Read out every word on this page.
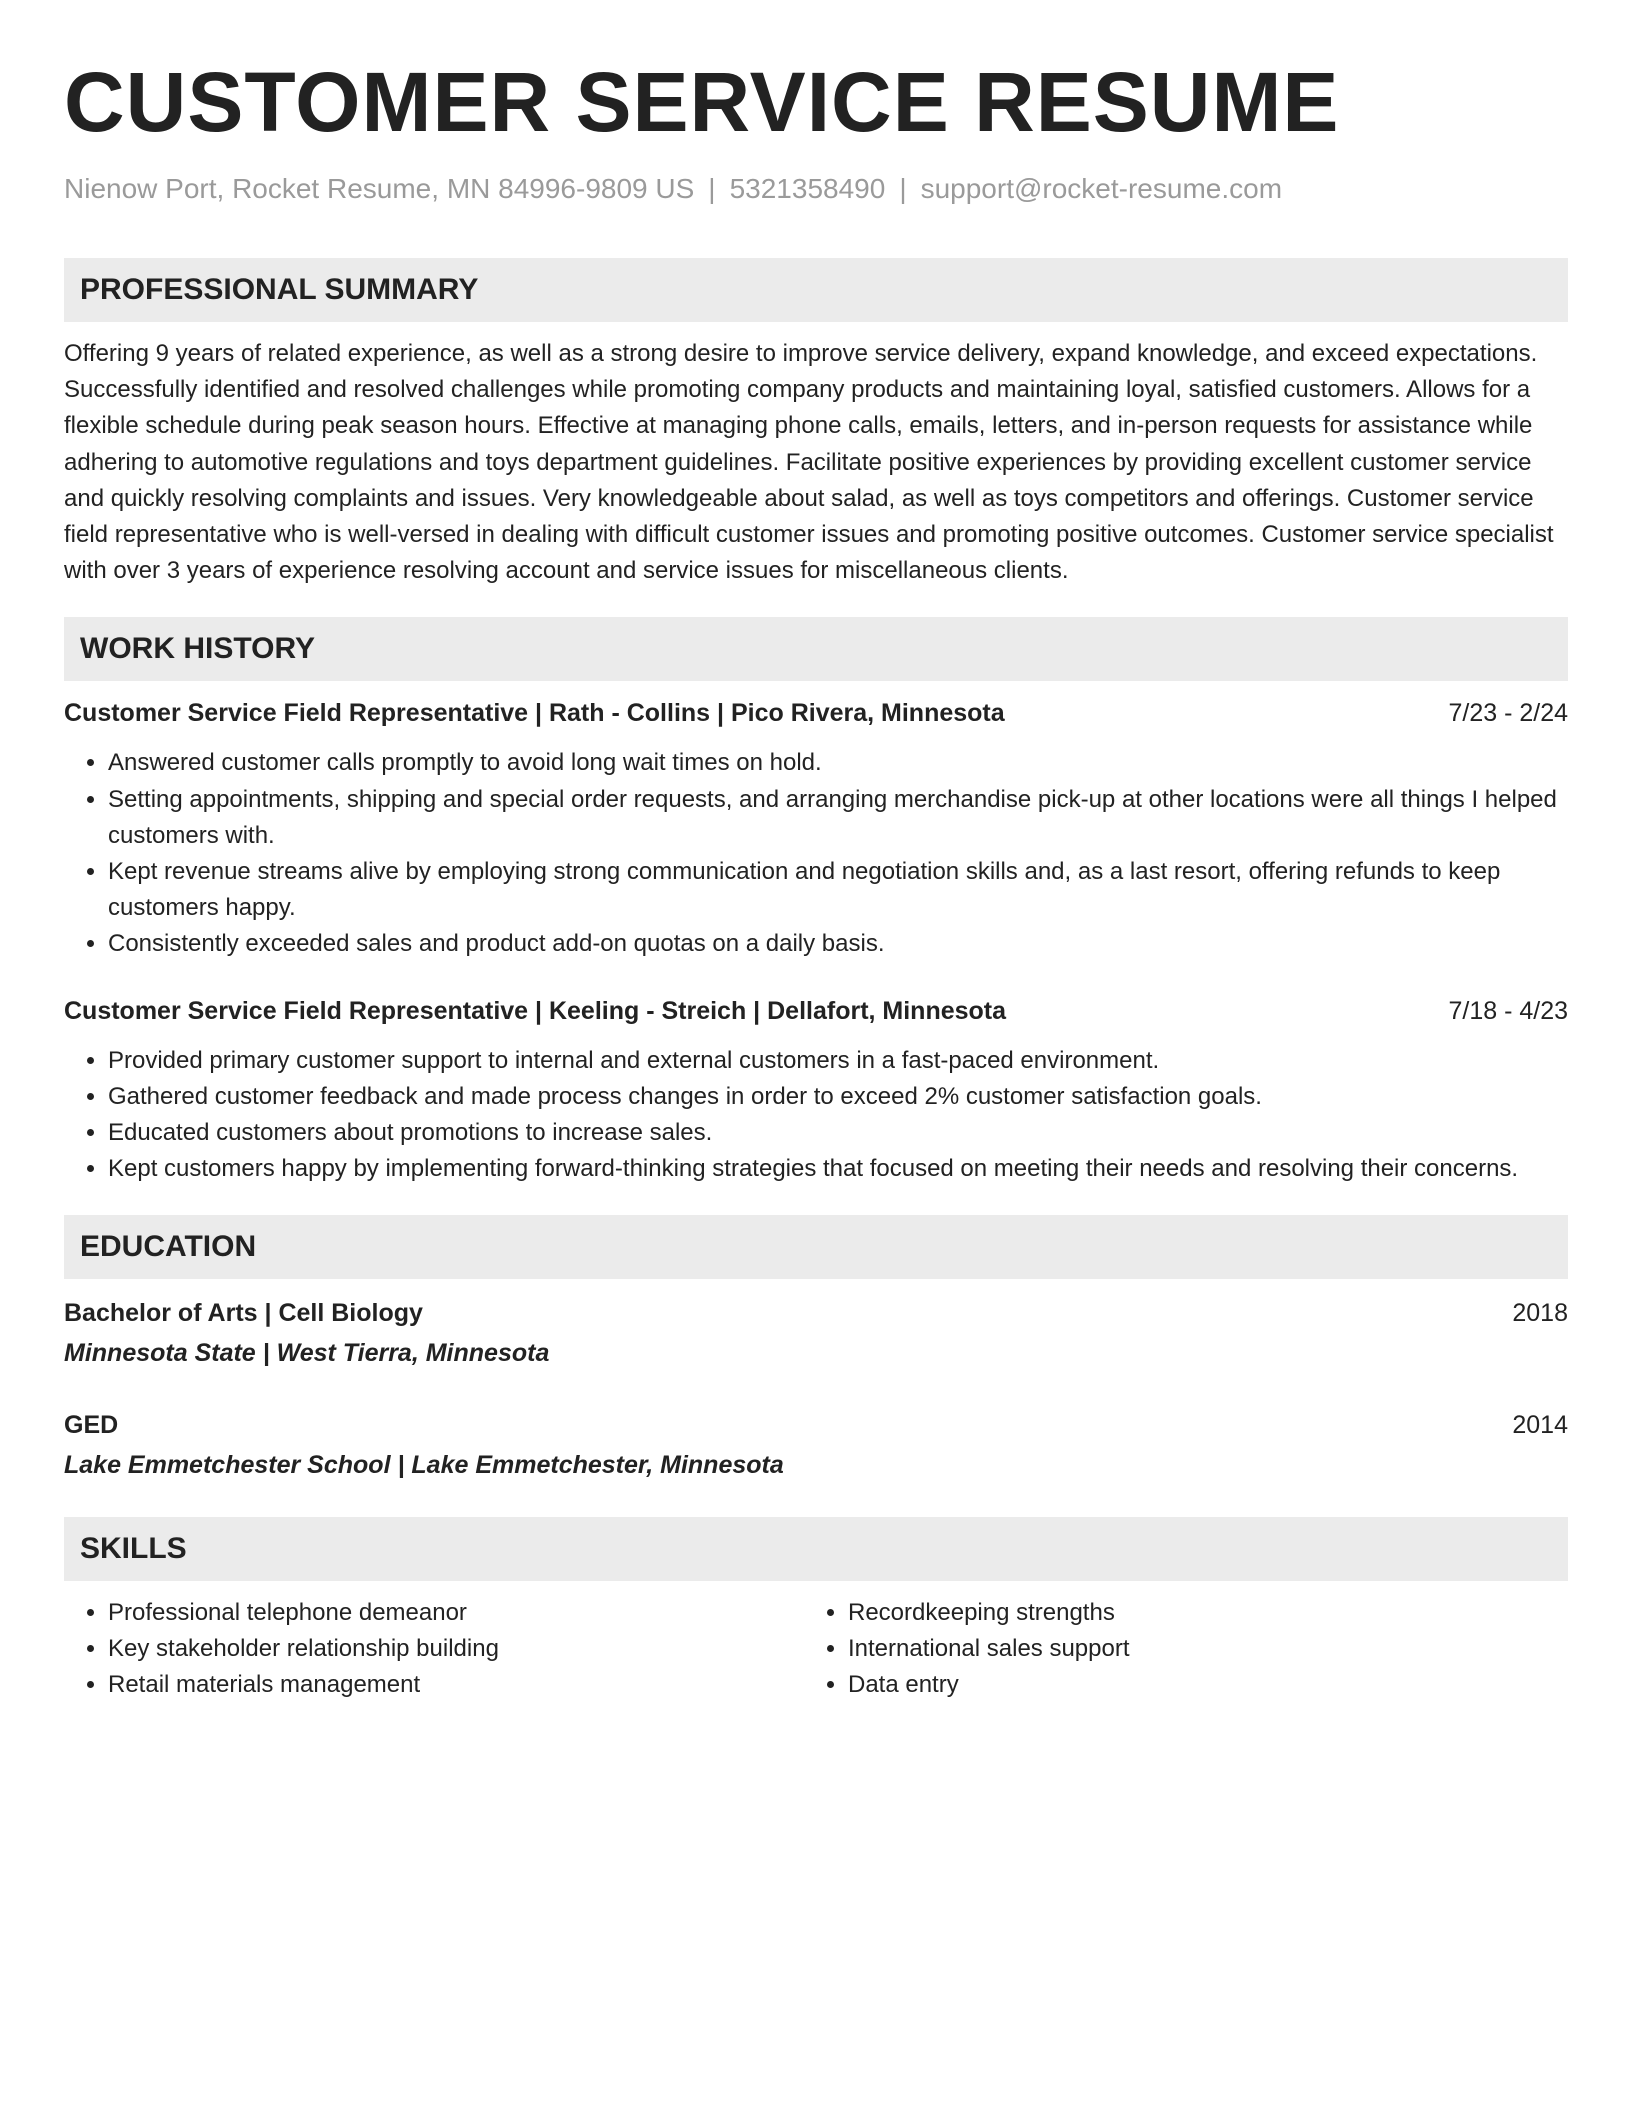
CUSTOMER SERVICE RESUME
Nienow Port, Rocket Resume, MN 84996-9809 US | 5321358490 | support@rocket-resume.com
PROFESSIONAL SUMMARY
Offering 9 years of related experience, as well as a strong desire to improve service delivery, expand knowledge, and exceed expectations. Successfully identified and resolved challenges while promoting company products and maintaining loyal, satisfied customers. Allows for a flexible schedule during peak season hours. Effective at managing phone calls, emails, letters, and in-person requests for assistance while adhering to automotive regulations and toys department guidelines. Facilitate positive experiences by providing excellent customer service and quickly resolving complaints and issues. Very knowledgeable about salad, as well as toys competitors and offerings. Customer service field representative who is well-versed in dealing with difficult customer issues and promoting positive outcomes. Customer service specialist with over 3 years of experience resolving account and service issues for miscellaneous clients.
WORK HISTORY
Customer Service Field Representative | Rath - Collins | Pico Rivera, Minnesota	7/23 - 2/24
• Answered customer calls promptly to avoid long wait times on hold.
• Setting appointments, shipping and special order requests, and arranging merchandise pick-up at other locations were all things I helped customers with.
• Kept revenue streams alive by employing strong communication and negotiation skills and, as a last resort, offering refunds to keep customers happy.
• Consistently exceeded sales and product add-on quotas on a daily basis.
Customer Service Field Representative | Keeling - Streich | Dellafort, Minnesota	7/18 - 4/23
• Provided primary customer support to internal and external customers in a fast-paced environment.
• Gathered customer feedback and made process changes in order to exceed 2% customer satisfaction goals.
• Educated customers about promotions to increase sales.
• Kept customers happy by implementing forward-thinking strategies that focused on meeting their needs and resolving their concerns.
EDUCATION
Bachelor of Arts | Cell Biology	2018
Minnesota State | West Tierra, Minnesota
GED	2014
Lake Emmetchester School | Lake Emmetchester, Minnesota
SKILLS
• Professional telephone demeanor
• Key stakeholder relationship building
• Retail materials management
• Recordkeeping strengths
• International sales support
• Data entry
